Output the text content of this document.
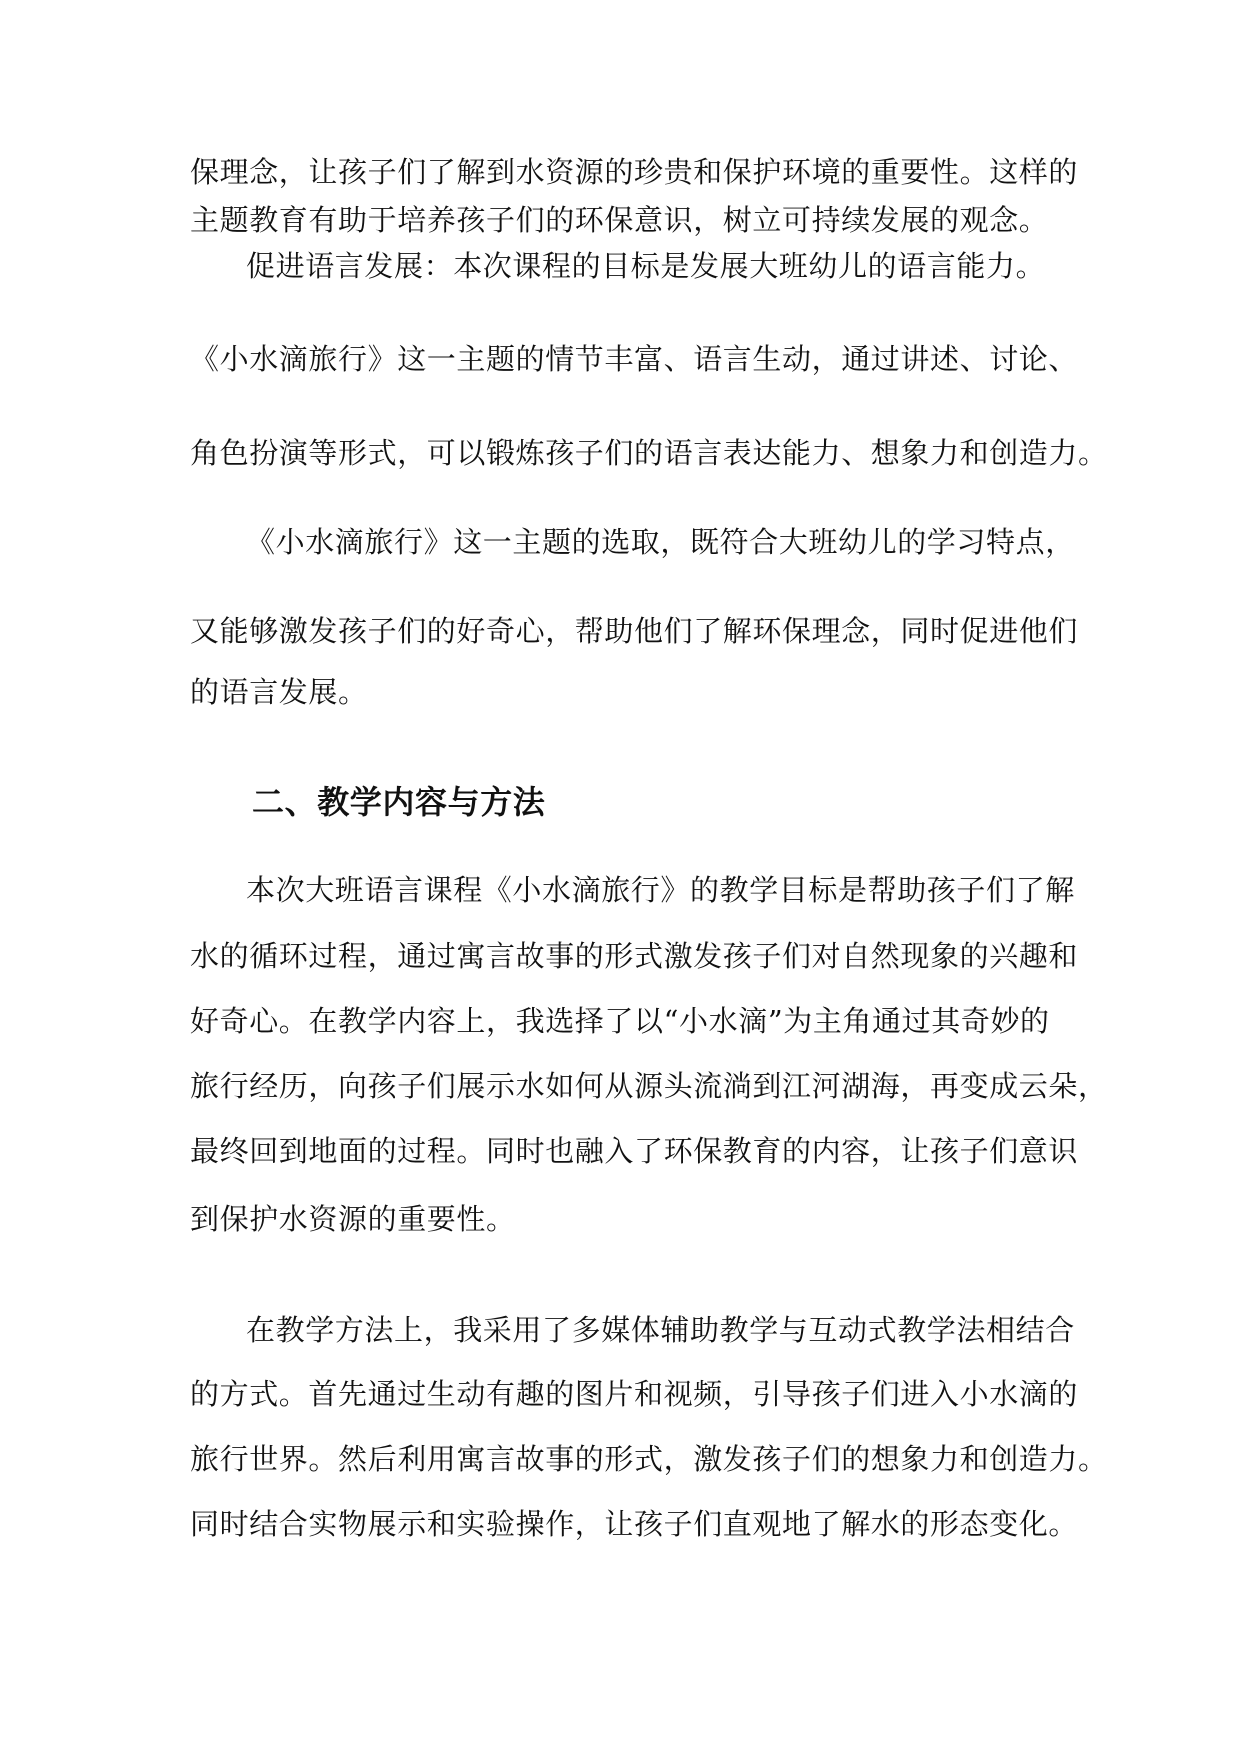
保理念，让孩子们了解到水资源的珍贵和保护环境的重要性。这样的

主题教育有助于培养孩子们的环保意识，树立可持续发展的观念。

促进语言发展：本次课程的目标是发展大班幼儿的语言能力。

《小水滴旅行》这一主题的情节丰富、语言生动，通过讲述、讨论、

角色扮演等形式，可以锻炼孩子们的语言表达能力、想象力和创造力。

《小水滴旅行》这一主题的选取，既符合大班幼儿的学习特点，

又能够激发孩子们的好奇心，帮助他们了解环保理念，同时促进他们

的语言发展。

二、教学内容与方法

本次大班语言课程《小水滴旅行》的教学目标是帮助孩子们了解

水的循环过程，通过寓言故事的形式激发孩子们对自然现象的兴趣和

好奇心。在教学内容上，我选择了以“小水滴”为主角通过其奇妙的

旅行经历，向孩子们展示水如何从源头流淌到江河湖海，再变成云朵，

最终回到地面的过程。同时也融入了环保教育的内容，让孩子们意识

到保护水资源的重要性。

在教学方法上，我采用了多媒体辅助教学与互动式教学法相结合

的方式。首先通过生动有趣的图片和视频，引导孩子们进入小水滴的

旅行世界。然后利用寓言故事的形式，激发孩子们的想象力和创造力。

同时结合实物展示和实验操作，让孩子们直观地了解水的形态变化。
